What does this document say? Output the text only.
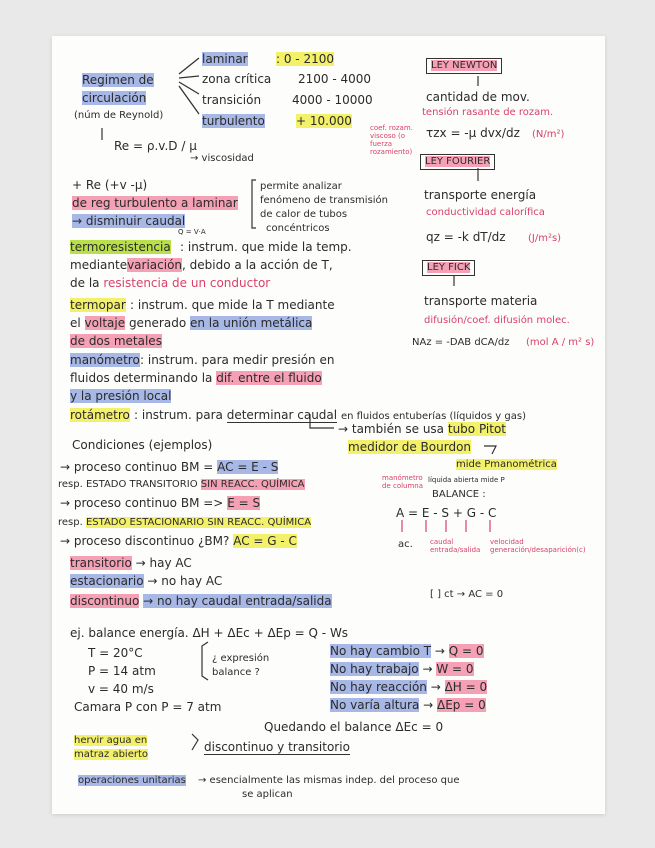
Regimen de
circulación
(núm de Reynold)
laminar : 0 - 2100
zona crítica 2100 - 4000
transición	4000 - 10000
turbulento	+ 10.000
Re = ρ.v.D / μ
→ viscosidad
+ Re (+v -μ)
de reg turbulento a laminar
→ disminuir caudal
Q = V·A
permite analizar
fenómeno de transmisión
de calor de tubos
concéntricos
termoresistencia : instrum. que mide la temp.
mediantevariación, debido a la acción de T,
de la resistencia de un conductor
termopar : instrum. que mide la T mediante
el voltaje generado en la unión metálica
de dos metales
manómetro : instrum. para medir presión en
fluidos determinando la dif. entre el fluido
y la presión local
rotámetro : instrum. para determinar caudal en fluidos entuberías (líquidos y gas)
→ también se usa tubo Pitot
medidor de Bourdon
Condiciones (ejemplos)
→ proceso continuo BM = AC = E - S
resp. ESTADO TRANSITORIO SIN REACC. QUÍMICA
→ proceso continuo BM => E = S
resp. ESTADO ESTACIONARIO SIN REACC. QUÍMICA
→ proceso discontinuo ¿BM? AC = G - C
transitorio → hay AC
estacionario → no hay AC
discontinuo → no hay caudal entrada/salida
ej. balance energía. ΔH + ΔEc + ΔEp = Q - Ws
T = 20°C
P = 14 atm
v = 40 m/s
Camara P con P = 7 atm
¿ expresión balance ?
No hay cambio T → Q = 0
No hay trabajo → W = 0
No hay reacción → ΔH = 0
No varía altura → ΔEp = 0
Quedando el balance ΔEc = 0
hervir agua en
matraz abierto
discontinuo y transitorio
operaciones unitarias → esencialmente las mismas indep. del proceso que
se aplican
LEY NEWTON
cantidad de mov.
tensión rasante de rozam.
τzx = -μ dvx/dz (N/m²)
coef. rozam. viscoso (o fuerza rozamiento)
LEY FOURIER
transporte energía
conductividad calorífica
qz = -k dT/dz (J/m²s)
LEY FICK
transporte materia
difusión/coef. difusión molec.
NAz = -DAB dCA/dz (mol A / m² s)
mide Pmanométrica
manómetro de columna
líquida abierta mide P
BALANCE :
A = E - S + G - C
ac. caudal entrada/salida
velocidad generación/desaparición(c)
[ ] ct → AC = 0
